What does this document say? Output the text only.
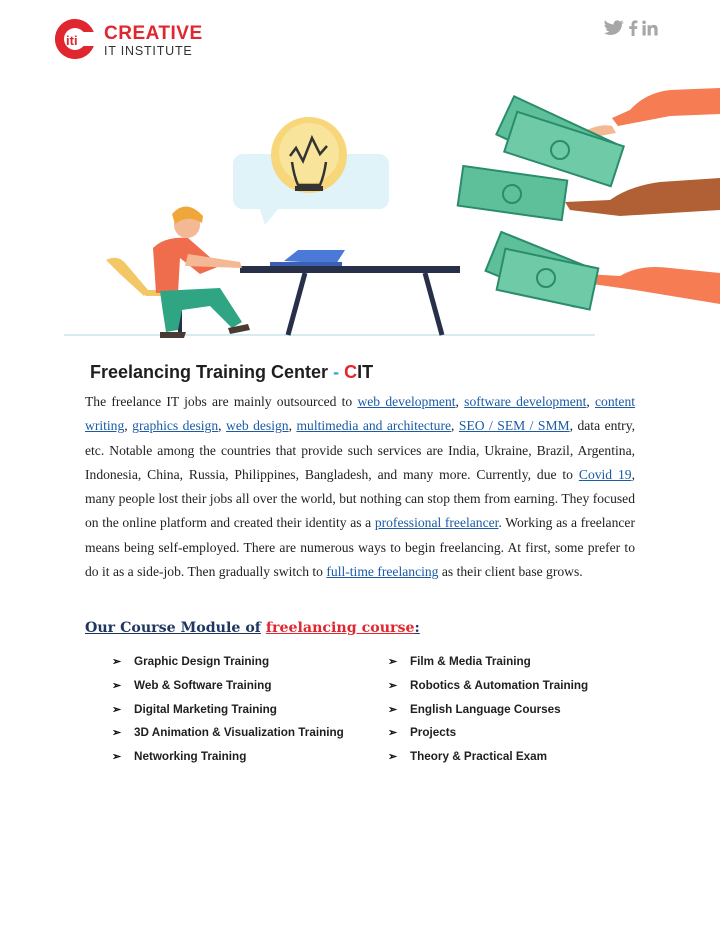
iti CREATIVE
IT INSTITUTE
Freelancing Training Center - CIT
The freelance IT jobs are mainly outsourced to web development, software development, content writing, graphics design, web design, multimedia and architecture, SEO / SEM / SMM, data entry, etc. Notable among the countries that provide such services are India, Ukraine, Brazil, Argentina, Indonesia, China, Russia, Philippines, Bangladesh, and many more. Currently, due to Covid 19, many people lost their jobs all over the world, but nothing can stop them from earning. They focused on the online platform and created their identity as a professional freelancer. Working as a freelancer means being self-employed. There are numerous ways to begin freelancing. At first, some prefer to do it as a side-job. Then gradually switch to full-time freelancing as their client base grows.
Our Course Module of freelancing course:
➢	Graphic Design Training
➢	Web & Software Training
➢	Digital Marketing Training
➢	3D Animation & Visualization Training
➢	Networking Training
➢	Film & Media Training
➢	Robotics & Automation Training
➢	English Language Courses
➢	Projects
➢	Theory & Practical Exam
